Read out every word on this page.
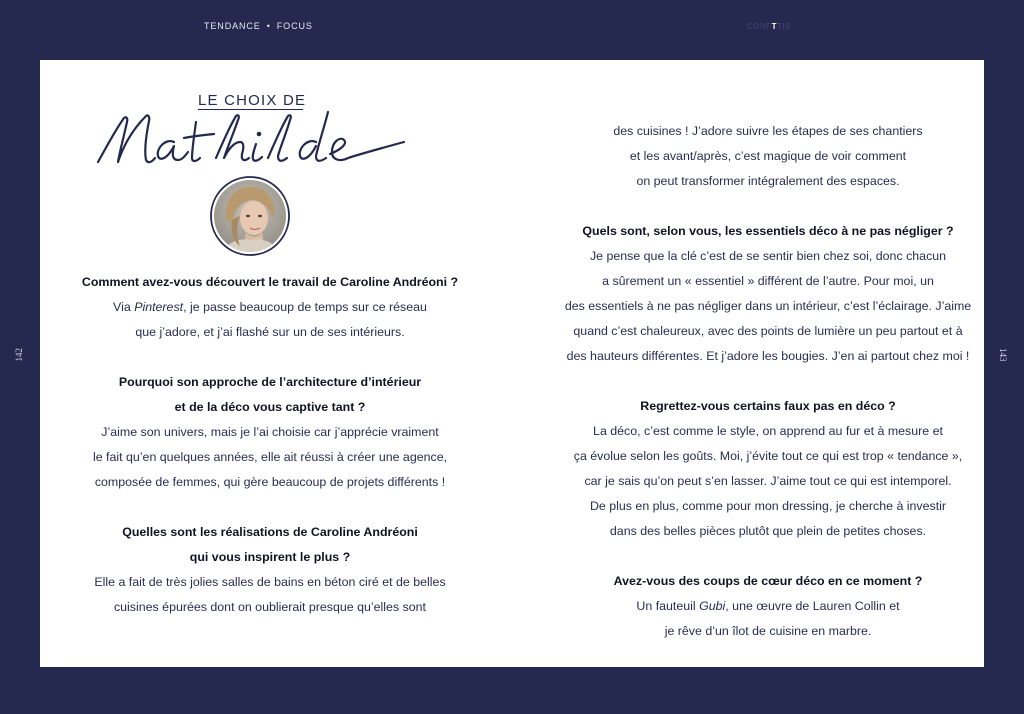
TENDANCE • FOCUS	CONFTTIS
142	143
LE CHOIX DE

Comment avez-vous découvert le travail de Caroline Andréoni ?

Via Pinterest, je passe beaucoup de temps sur ce réseau

que j’adore, et j’ai flashé sur un de ses intérieurs.

Pourquoi son approche de l’architecture d’intérieur

et de la déco vous captive tant ?

J’aime son univers, mais je l’ai choisie car j’apprécie vraiment

le fait qu’en quelques années, elle ait réussi à créer une agence,

composée de femmes, qui gère beaucoup de projets différents !

Quelles sont les réalisations de Caroline Andréoni

qui vous inspirent le plus ?

Elle a fait de très jolies salles de bains en béton ciré et de belles

cuisines épurées dont on oublierait presque qu’elles sont

des cuisines ! J’adore suivre les étapes de ses chantiers

et les avant/après, c’est magique de voir comment

on peut transformer intégralement des espaces.

Quels sont, selon vous, les essentiels déco à ne pas négliger ?

Je pense que la clé c’est de se sentir bien chez soi, donc chacun

a sûrement un « essentiel » différent de l’autre. Pour moi, un

des essentiels à ne pas négliger dans un intérieur, c’est l’éclairage. J’aime

quand c’est chaleureux, avec des points de lumière un peu partout et à

des hauteurs différentes. Et j’adore les bougies. J’en ai partout chez moi !

Regrettez-vous certains faux pas en déco ?

La déco, c’est comme le style, on apprend au fur et à mesure et

ça évolue selon les goûts. Moi, j’évite tout ce qui est trop « tendance »,

car je sais qu’on peut s’en lasser. J’aime tout ce qui est intemporel.

De plus en plus, comme pour mon dressing, je cherche à investir

dans des belles pièces plutôt que plein de petites choses.

Avez-vous des coups de cœur déco en ce moment ?

Un fauteuil Gubi, une œuvre de Lauren Collin et

je rêve d’un îlot de cuisine en marbre.
